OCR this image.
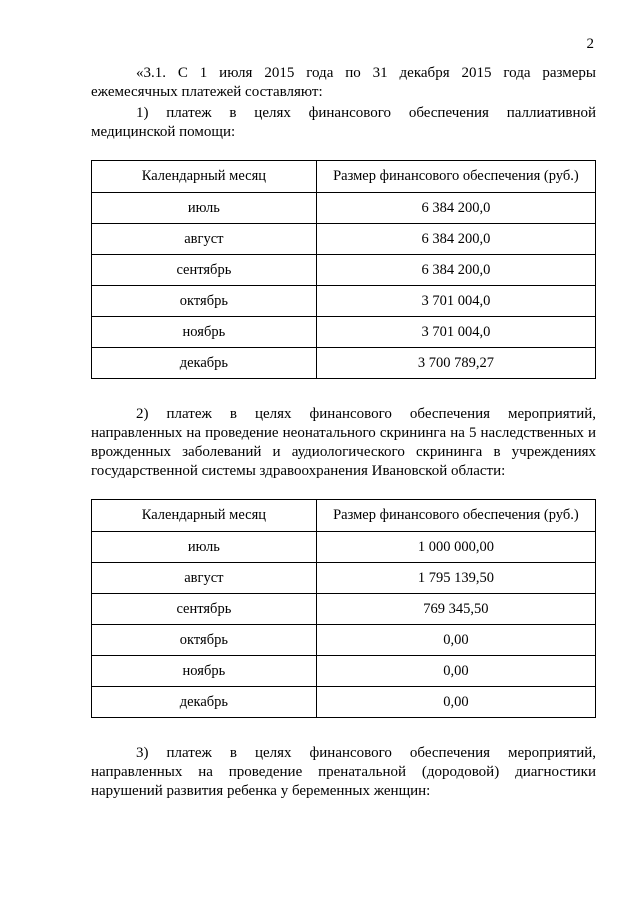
2

«3.1. С 1 июля 2015 года по 31 декабря 2015 года размеры ежемесячных платежей составляют:

1) платеж в целях финансового обеспечения паллиативной медицинской помощи:

Календарный месяц	Размер финансового обеспечения (руб.)
июль	6 384 200,0
август	6 384 200,0
сентябрь	6 384 200,0
октябрь	3 701 004,0
ноябрь	3 701 004,0
декабрь	3 700 789,27

2) платеж в целях финансового обеспечения мероприятий, направленных на проведение неонатального скрининга на 5 наследственных и врожденных заболеваний и аудиологического скрининга в учреждениях государственной системы здравоохранения Ивановской области:

Календарный месяц	Размер финансового обеспечения (руб.)
июль	1 000 000,00
август	1 795 139,50
сентябрь	769 345,50
октябрь	0,00
ноябрь	0,00
декабрь	0,00

3) платеж в целях финансового обеспечения мероприятий, направленных на проведение пренатальной (дородовой) диагностики нарушений развития ребенка у беременных женщин:
